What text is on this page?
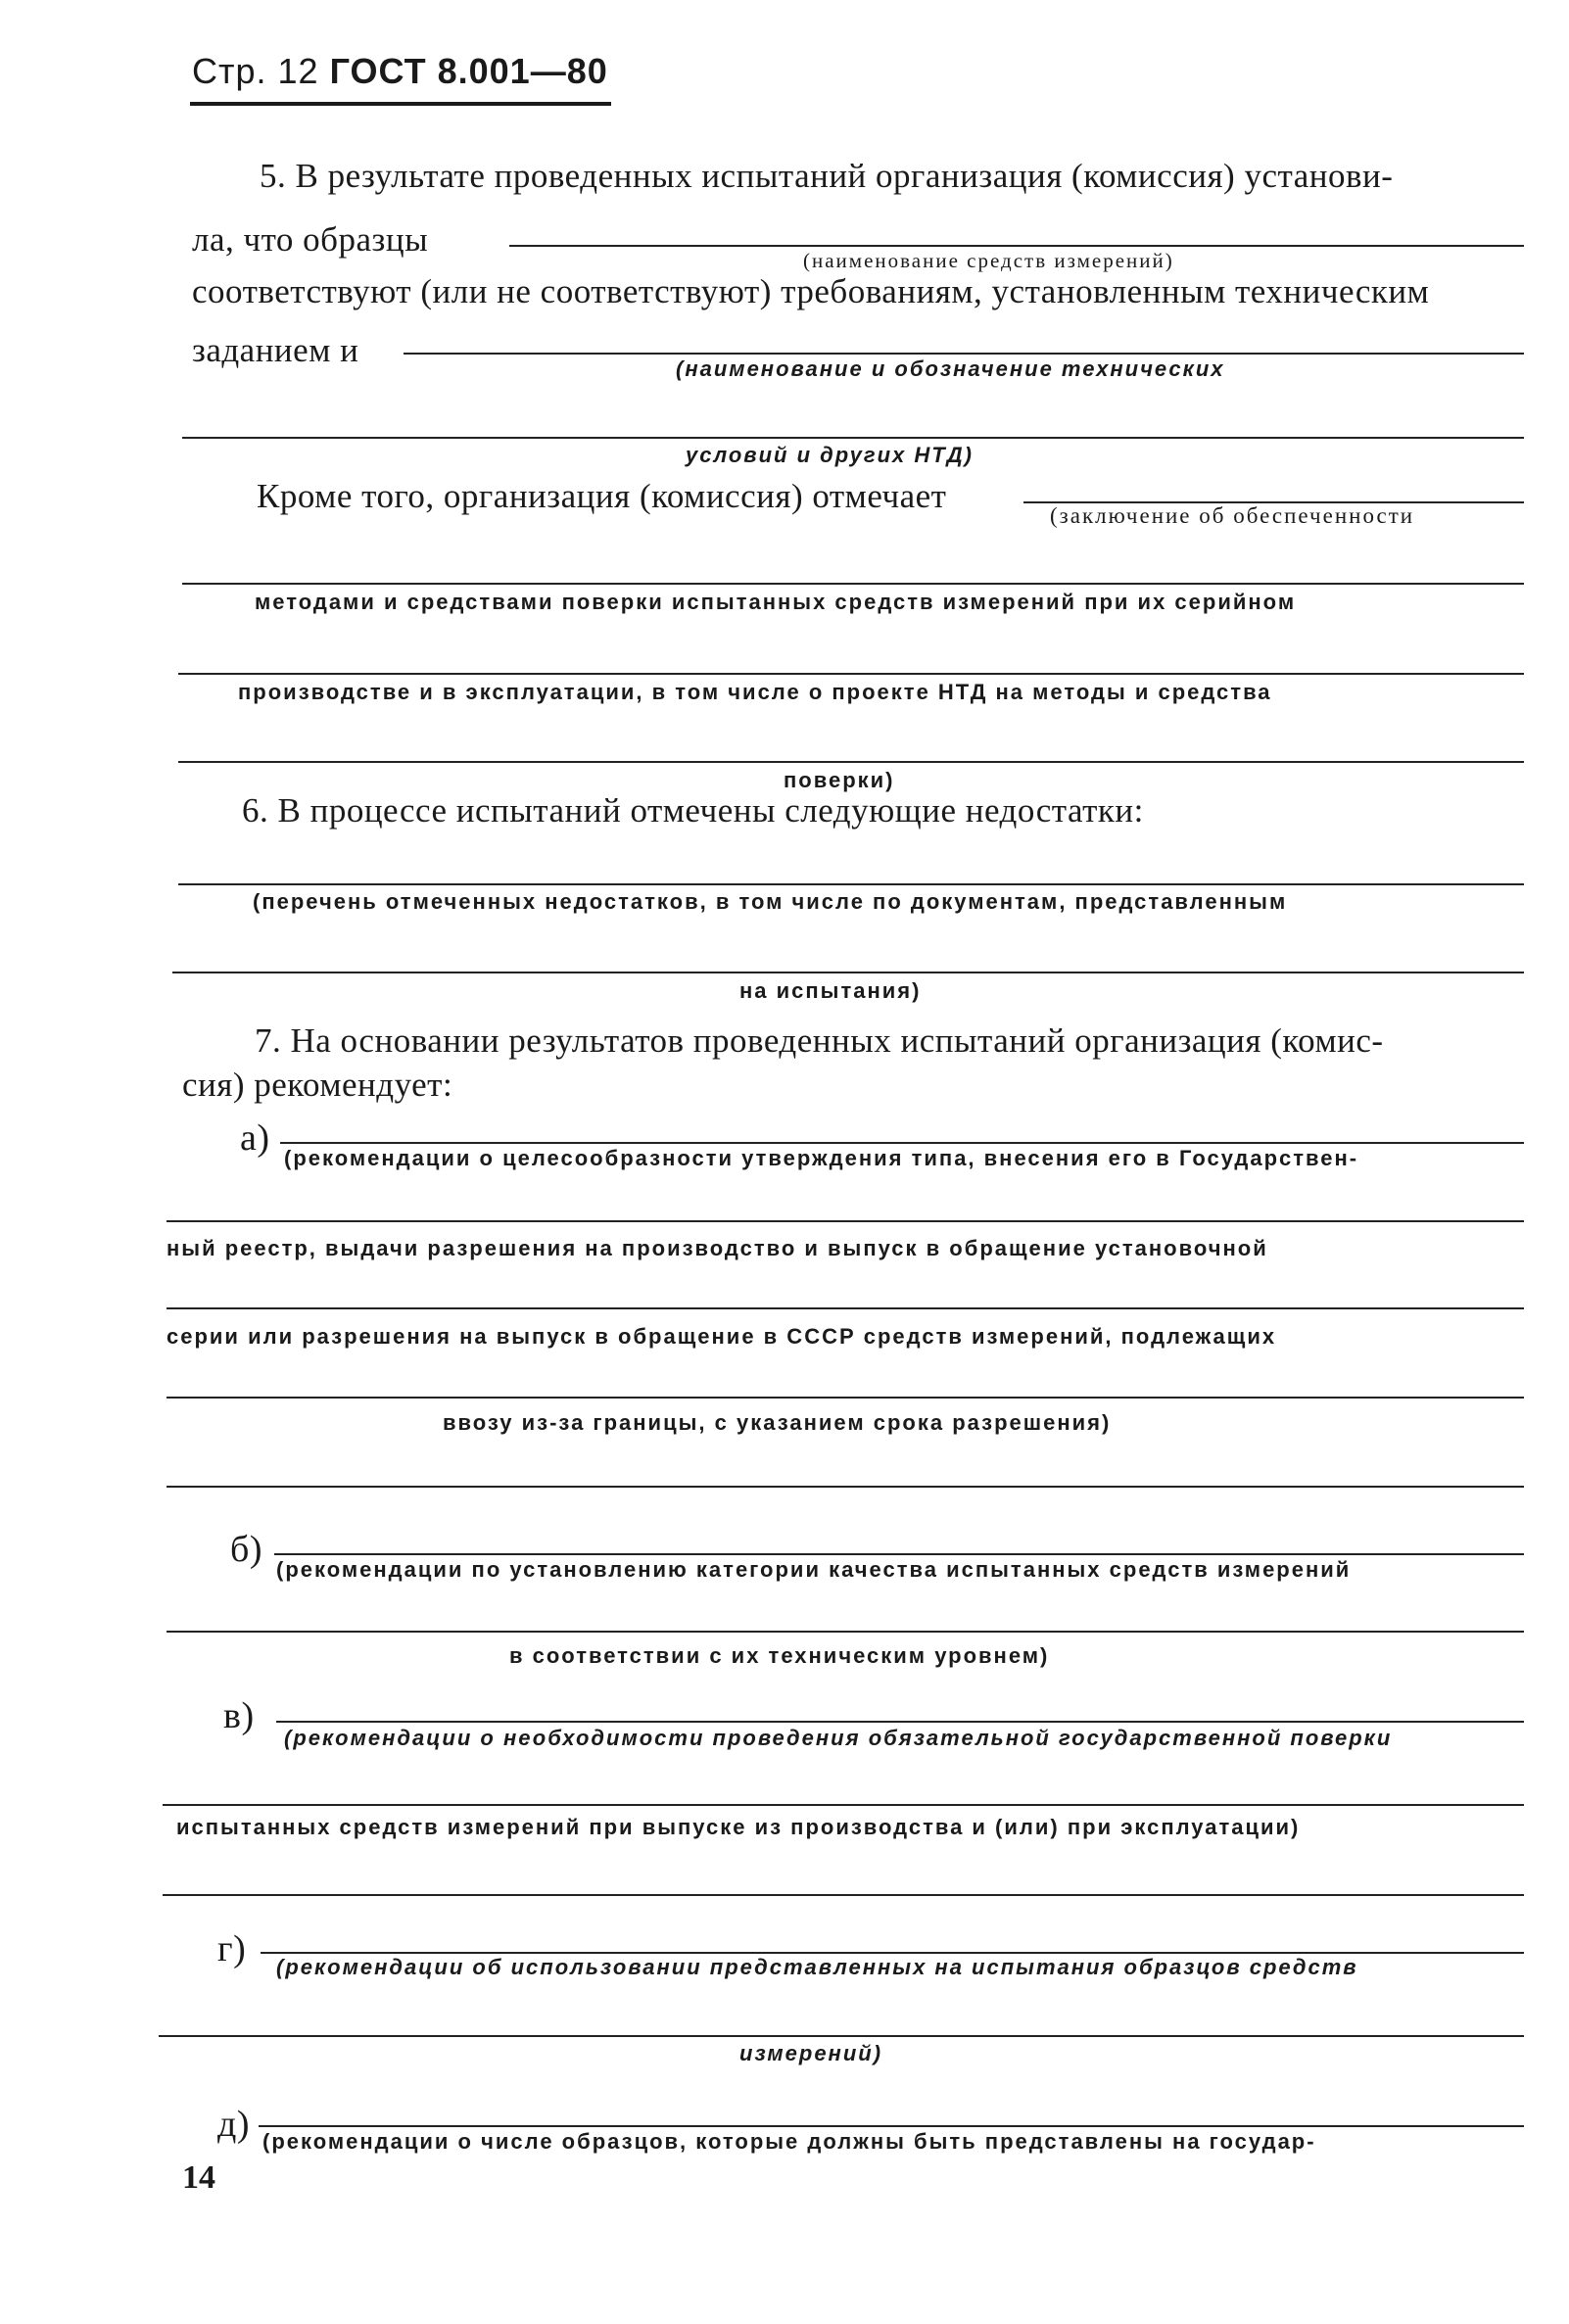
Стр. 12 ГОСТ 8.001—80
5. В результате проведенных испытаний организация (комиссия) установи-
ла, что образцы
(наименование средств измерений)
соответствуют (или не соответствуют) требованиям, установленным техническим
заданием и	(наименование и обозначение технических
условий и других НТД)
Кроме того, организация (комиссия) отмечает
(заключение об обеспеченности
методами и средствами поверки испытанных средств измерений при их серийном
производстве и в эксплуатации, в том числе о проекте НТД на методы и средства
поверки)
6. В процессе испытаний отмечены следующие недостатки:
(перечень отмеченных недостатков, в том числе по документам, представленным
на испытания)
7. На основании результатов проведенных испытаний организация (комис-
сия) рекомендует:
а) (рекомендации о целесообразности утверждения типа, внесения его в Государствен-
ный реестр, выдачи разрешения на производство и выпуск в обращение установочной
серии или разрешения на выпуск в обращение в СССР средств измерений, подлежащих
ввозу из-за границы, с указанием срока разрешения)
б) (рекомендации по установлению категории качества испытанных средств измерений
в соответствии с их техническим уровнем)
в)
(рекомендации о необходимости проведения обязательной государственной поверки
испытанных средств измерений при выпуске из производства и (или) при эксплуатации)
г) (рекомендации об использовании представленных на испытания образцов средств
измерений)
д) (рекомендации о числе образцов, которые должны быть представлены на государ-
14
